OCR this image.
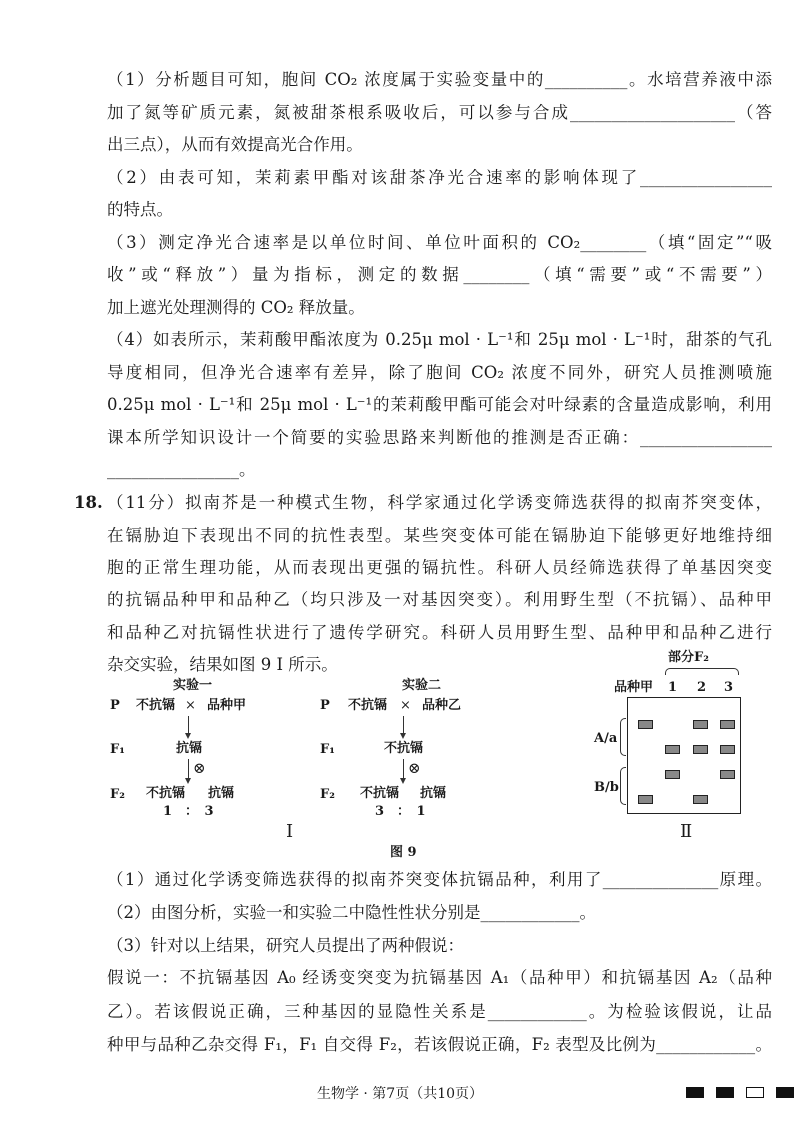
（1）分析题目可知，胞间 CO₂ 浓度属于实验变量中的__________。水培营养液中添
加了氮等矿质元素，氮被甜茶根系吸收后，可以参与合成____________________（答
出三点），从而有效提高光合作用。
（2）由表可知，茉莉素甲酯对该甜茶净光合速率的影响体现了________________
的特点。
（3）测定净光合速率是以单位时间、单位叶面积的 CO₂________（填“固定”“吸
收”或“释放”）量为指标，测定的数据________（填“需要”或“不需要”）
加上遮光处理测得的 CO₂ 释放量。
（4）如表所示，茉莉酸甲酯浓度为 0.25μ mol · L⁻¹和 25μ mol · L⁻¹时，甜茶的气孔
导度相同，但净光合速率有差异，除了胞间 CO₂ 浓度不同外，研究人员推测喷施
0.25μ mol · L⁻¹和 25μ mol · L⁻¹的茉莉酸甲酯可能会对叶绿素的含量造成影响，利用
课本所学知识设计一个简要的实验思路来判断他的推测是否正确：________________
________________。
18. （11分）拟南芥是一种模式生物，科学家通过化学诱变筛选获得的拟南芥突变体，
在镉胁迫下表现出不同的抗性表型。某些突变体可能在镉胁迫下能够更好地维持细
胞的正常生理功能，从而表现出更强的镉抗性。科研人员经筛选获得了单基因突变
的抗镉品种甲和品种乙（均只涉及一对基因突变）。利用野生型（不抗镉）、品种甲
和品种乙对抗镉性状进行了遗传学研究。科研人员用野生型、品种甲和品种乙进行
杂交实验，结果如图 9 Ⅰ 所示。
实验一
P 不抗镉 × 品种甲
F₁	抗镉
⊗
F₂ 不抗镉 抗镉
1　：　3
实验二
P 不抗镉 × 品种乙
F₁	不抗镉
⊗
F₂ 不抗镉 抗镉
3　：　1
Ⅰ
部分F₂
品种甲 1 2 3
A/a
B/b
Ⅱ
图 9
（1）通过化学诱变筛选获得的拟南芥突变体抗镉品种，利用了______________原理。
（2）由图分析，实验一和实验二中隐性性状分别是____________。
（3）针对以上结果，研究人员提出了两种假说：
假说一：不抗镉基因 A₀ 经诱变突变为抗镉基因 A₁（品种甲）和抗镉基因 A₂（品种
乙）。若该假说正确，三种基因的显隐性关系是____________。为检验该假说，让品
种甲与品种乙杂交得 F₁，F₁ 自交得 F₂，若该假说正确，F₂ 表型及比例为____________。
生物学 · 第7页（共10页）
